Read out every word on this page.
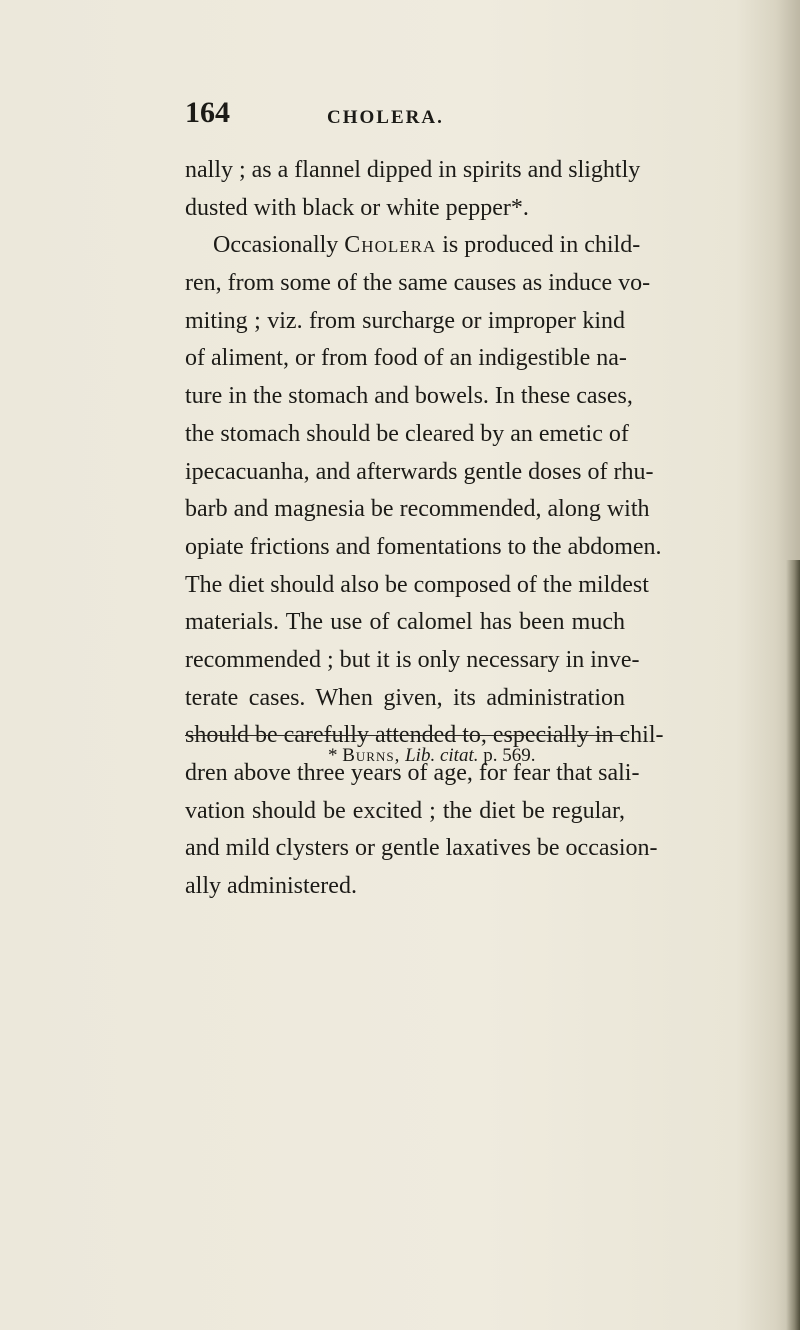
164	CHOLERA.
nally ; as a flannel dipped in spirits and slightly
dusted with black or white pepper*.
Occasionally Cholera is produced in child-
ren, from some of the same causes as induce vo-
miting ; viz. from surcharge or improper kind
of aliment, or from food of an indigestible na-
ture in the stomach and bowels. In these cases,
the stomach should be cleared by an emetic of
ipecacuanha, and afterwards gentle doses of rhu-
barb and magnesia be recommended, along with
opiate frictions and fomentations to the abdomen.
The diet should also be composed of the mildest
materials. The use of calomel has been much
recommended ; but it is only necessary in inve-
terate cases. When given, its administration
should be carefully attended to, especially in chil-
dren above three years of age, for fear that sali-
vation should be excited ; the diet be regular,
and mild clysters or gentle laxatives be occasion-
ally administered.
* Burns, Lib. citat. p. 569.
